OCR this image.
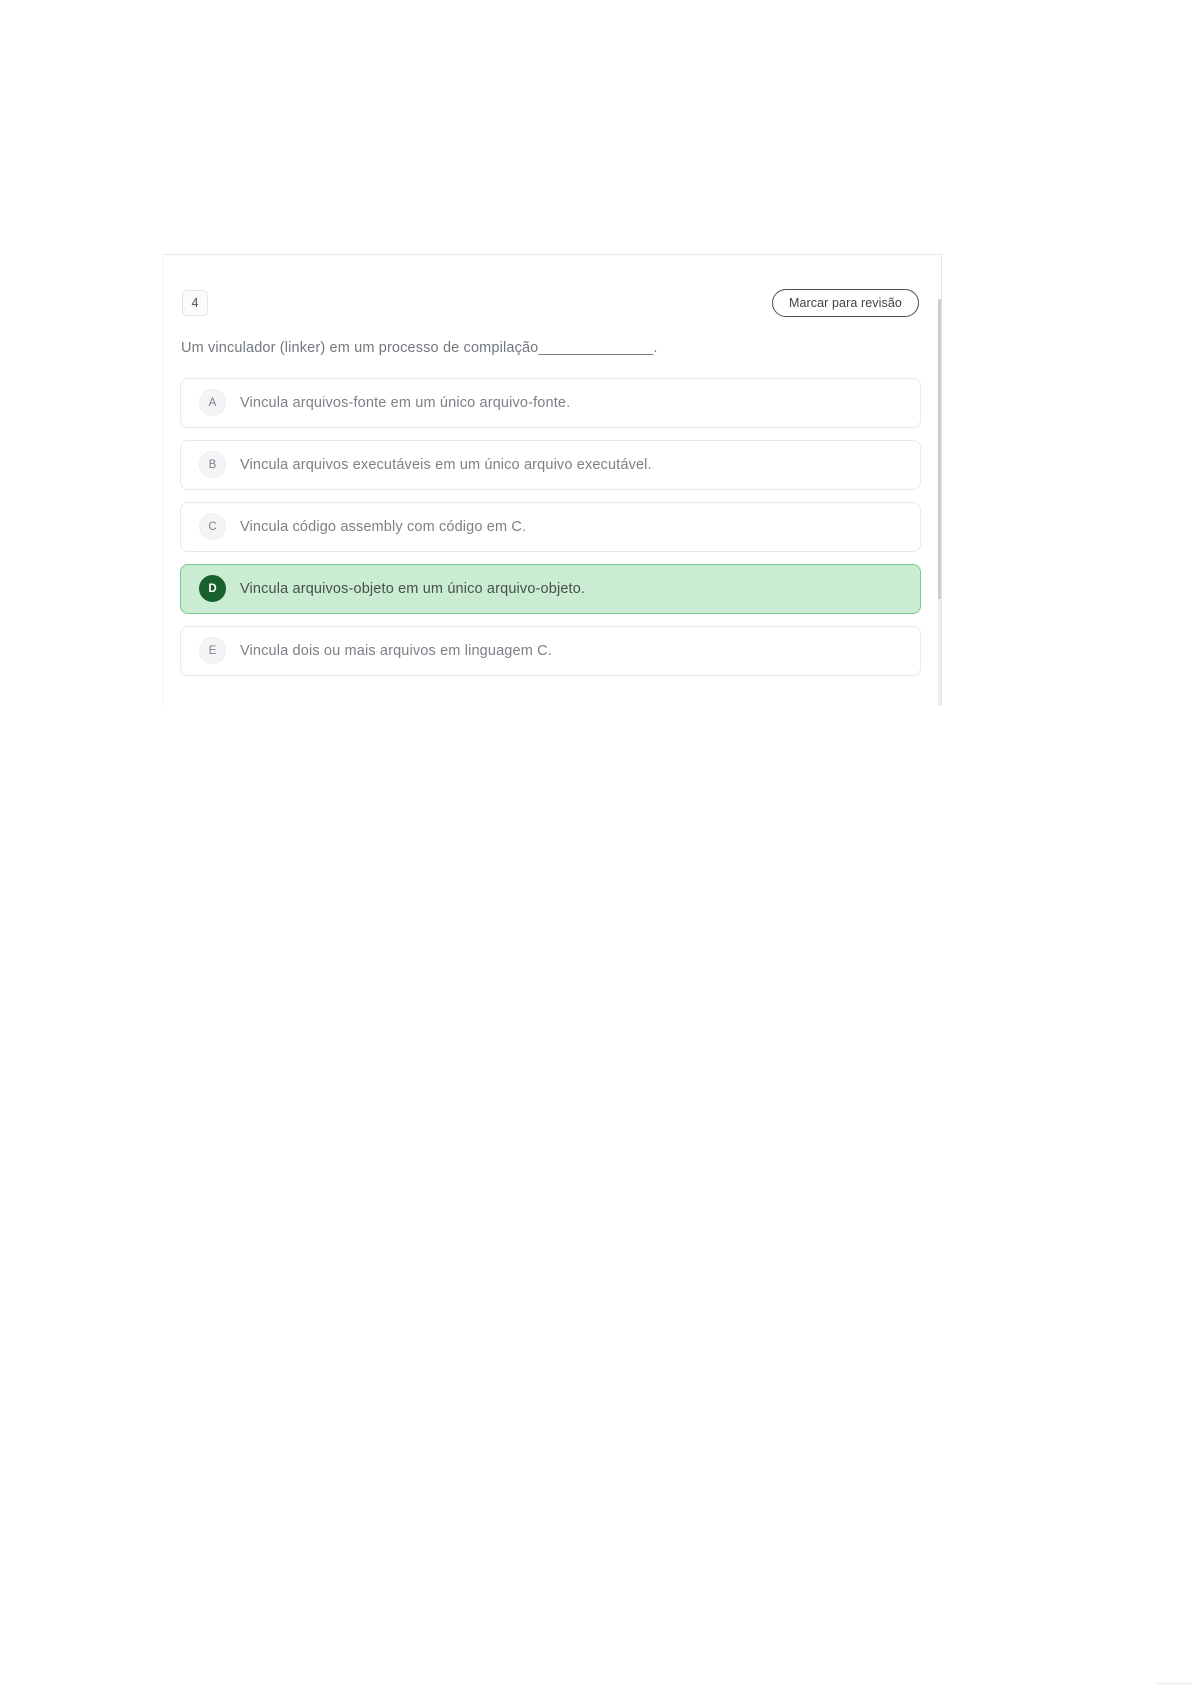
4	Marcar para revisão
Um vinculador (linker) em um processo de compilação______________.
A	Vincula arquivos-fonte em um único arquivo-fonte.
B	Vincula arquivos executáveis em um único arquivo executável.
C	Vincula código assembly com código em C.
D	Vincula arquivos-objeto em um único arquivo-objeto.
E	Vincula dois ou mais arquivos em linguagem C.
